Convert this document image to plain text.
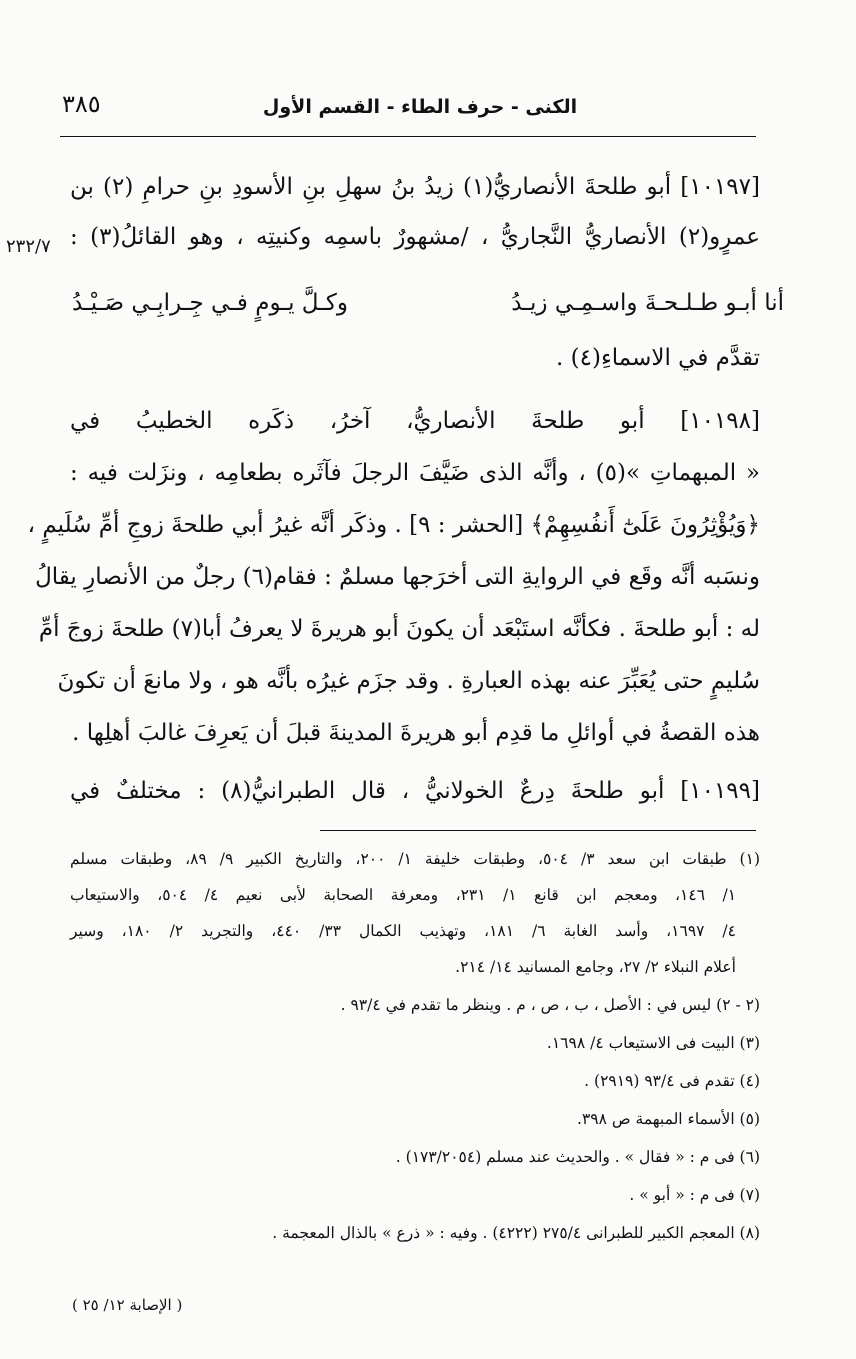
الكنى - حرف الطاء - القسم الأول
٣٨٥
٢٣٢/٧
[١٠١٩٧] أبو طلحةَ الأنصاريُّ(١) زيدُ بنُ سهلِ بنِ الأسودِ بنِ حرامِ (٢) بن
عمرٍو(٢) الأنصاريُّ النَّجاريُّ ، /مشهورٌ باسمِه وكنيتِه ، وهو القائلُ(٣) :
أنا أبـو طـلـحـةَ واسـمِـي زيـدُ
وكـلَّ يـومٍ فـي جِـرابِـي صَـيْـدُ
تقدَّم في الاسماءِ(٤) .
[١٠١٩٨] أبو طلحةَ الأنصاريُّ، آخرُ، ذكَره الخطيبُ في
« المبهماتِ »(٥) ، وأنَّه الذى ضَيَّفَ الرجلَ فآثَره بطعامِه ، ونزَلت فيه :
﴿وَيُؤْثِرُونَ عَلَىٰٓ أَنفُسِهِمْ﴾ [الحشر : ٩] . وذكَر أنَّه غيرُ أبي طلحةَ زوجِ أمِّ سُلَيمٍ ،
ونسَبه أنَّه وقَع في الروايةِ التى أخرَجها مسلمٌ : فقام(٦) رجلٌ من الأنصارِ يقالُ
له : أبو طلحةَ . فكأنَّه استَبْعَد أن يكونَ أبو هريرةَ لا يعرفُ أبا(٧) طلحةَ زوجَ أمِّ
سُليمٍ حتى يُعَبِّرَ عنه بهذه العبارةِ . وقد جزَم غيرُه بأنَّه هو ، ولا مانعَ أن تكونَ
هذه القصةُ في أوائلِ ما قدِم أبو هريرةَ المدينةَ قبلَ أن يَعرِفَ غالبَ أهلِها .
[١٠١٩٩] أبو طلحةَ دِرعٌ الخولانيُّ ، قال الطبرانيُّ(٨) : مختلفٌ في
(١) طبقات ابن سعد ٣/ ٥٠٤، وطبقات خليفة ١/ ٢٠٠، والتاريخ الكبير ٩/ ٨٩، وطبقات مسلم
١/ ١٤٦، ومعجم ابن قانع ١/ ٢٣١، ومعرفة الصحابة لأبى نعيم ٤/ ٥٠٤، والاستيعاب
٤/ ١٦٩٧، وأسد الغابة ٦/ ١٨١، وتهذيب الكمال ٣٣/ ٤٤٠، والتجريد ٢/ ١٨٠، وسير
أعلام النبلاء ٢/ ٢٧، وجامع المسانيد ١٤/ ٢١٤.
(٢ - ٢) ليس في : الأصل ، ب ، ص ، م . وينظر ما تقدم في ٩٣/٤ .
(٣) البيت فى الاستيعاب ٤/ ١٦٩٨.
(٤) تقدم فى ٩٣/٤ (٢٩١٩) .
(٥) الأسماء المبهمة ص ٣٩٨.
(٦) فى م : « فقال » . والحديث عند مسلم (١٧٣/٢٠٥٤) .
(٧) فى م : « أبو » .
(٨) المعجم الكبير للطبرانى ٢٧٥/٤ (٤٢٢٢) . وفيه : « ذرع » بالذال المعجمة .
( الإصابة ١٢/ ٢٥ )
